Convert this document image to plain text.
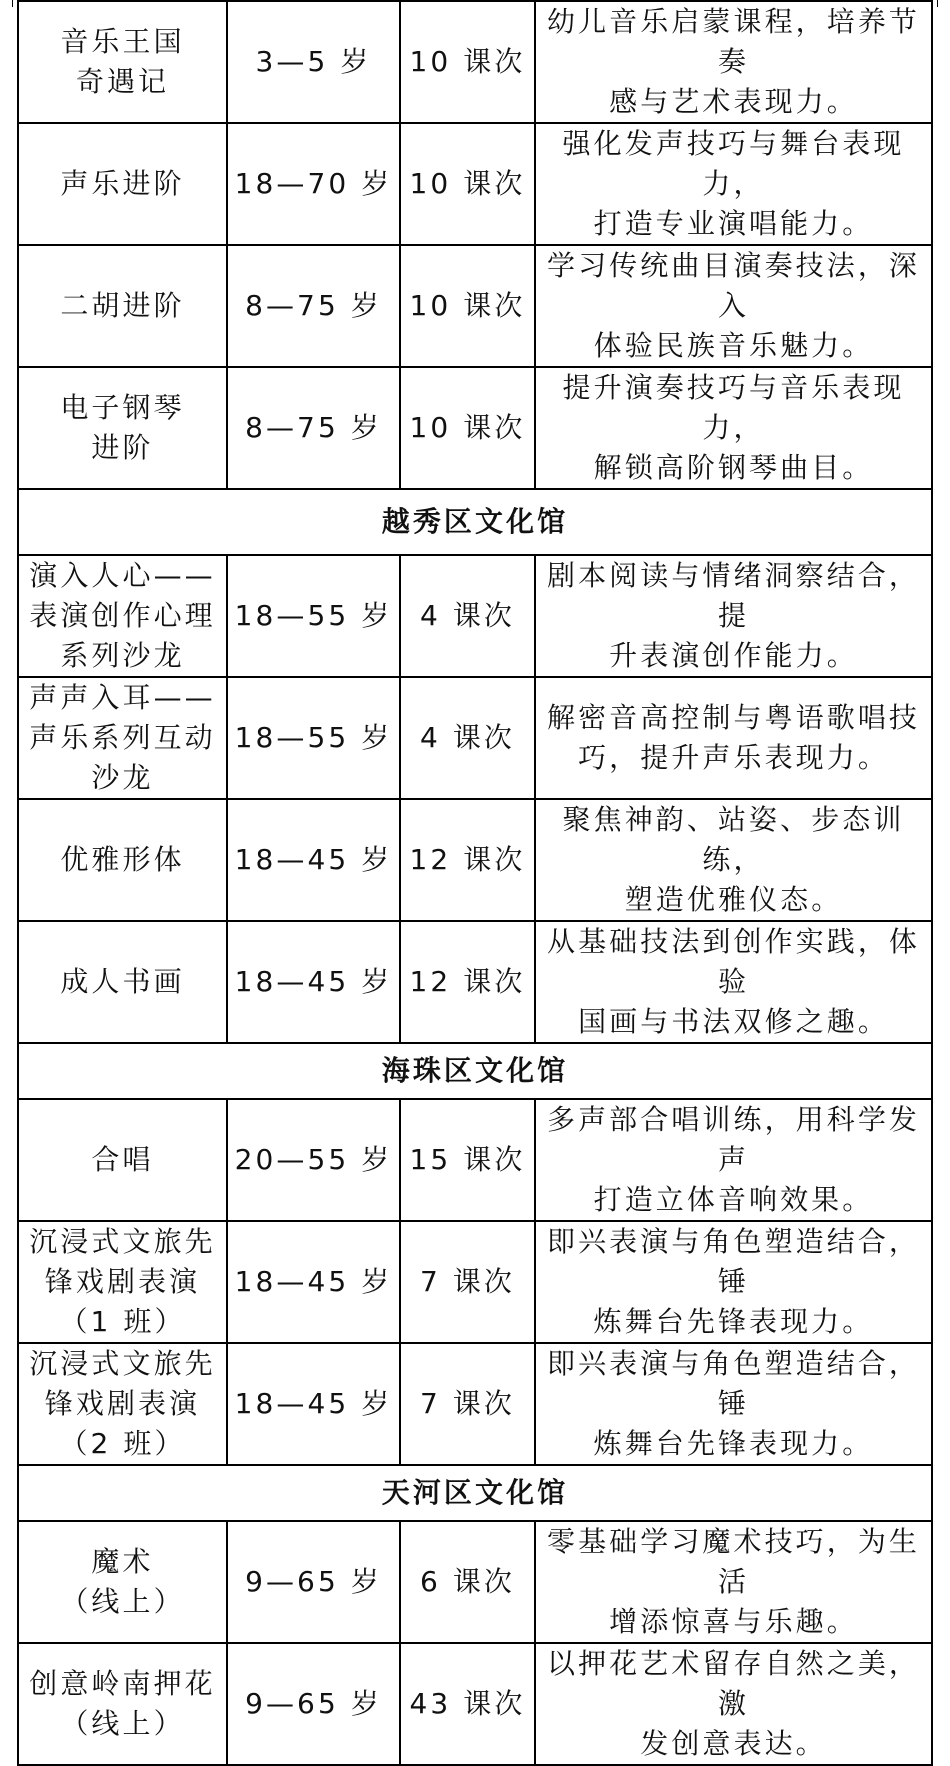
音乐王国
奇遇记	3—5 岁	10 课次	幼儿音乐启蒙课程，培养节奏
感与艺术表现力。

声乐进阶	18—70 岁	10 课次	强化发声技巧与舞台表现力，
打造专业演唱能力。

二胡进阶	8—75 岁	10 课次	学习传统曲目演奏技法，深入
体验民族音乐魅力。

电子钢琴
进阶	8—75 岁	10 课次	提升演奏技巧与音乐表现力，
解锁高阶钢琴曲目。

越秀区文化馆			

演入人心——
表演创作心理
系列沙龙	18—55 岁	4 课次	剧本阅读与情绪洞察结合，提
升表演创作能力。

声声入耳——
声乐系列互动
沙龙	18—55 岁	4 课次	解密音高控制与粤语歌唱技
巧，提升声乐表现力。

优雅形体	18—45 岁	12 课次	聚焦神韵、站姿、步态训练，
塑造优雅仪态。

成人书画	18—45 岁	12 课次	从基础技法到创作实践，体验
国画与书法双修之趣。

海珠区文化馆			

合唱	20—55 岁	15 课次	多声部合唱训练，用科学发声
打造立体音响效果。

沉浸式文旅先
锋戏剧表演
（1 班）	18—45 岁	7 课次	即兴表演与角色塑造结合，锤
炼舞台先锋表现力。

沉浸式文旅先
锋戏剧表演
（2 班）	18—45 岁	7 课次	即兴表演与角色塑造结合，锤
炼舞台先锋表现力。

天河区文化馆			

魔术
（线上）	9—65 岁	6 课次	零基础学习魔术技巧，为生活
增添惊喜与乐趣。

创意岭南押花
（线上）	9—65 岁	43 课次	以押花艺术留存自然之美，激
发创意表达。
